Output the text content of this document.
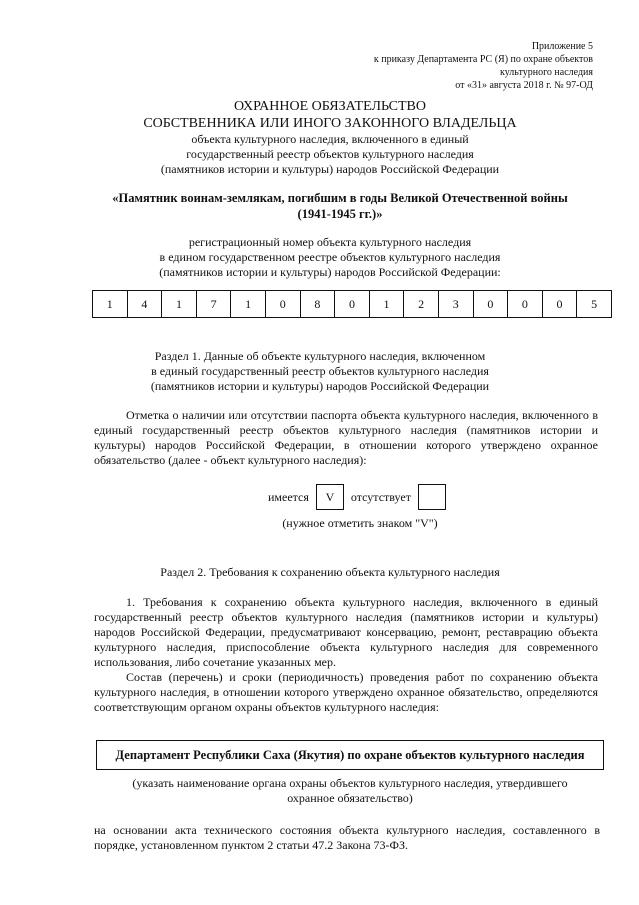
Приложение 5
к приказу Департамента РС (Я) по охране объектов
культурного наследия
от «31» августа 2018 г. № 97-ОД
ОХРАННОЕ ОБЯЗАТЕЛЬСТВО
СОБСТВЕННИКА ИЛИ ИНОГО ЗАКОННОГО ВЛАДЕЛЬЦА
объекта культурного наследия, включенного в единый
государственный реестр объектов культурного наследия
(памятников истории и культуры) народов Российской Федерации
«Памятник воинам-землякам, погибшим в годы Великой Отечественной войны
(1941-1945 гг.)»
регистрационный номер объекта культурного наследия
в едином государственном реестре объектов культурного наследия
(памятников истории и культуры) народов Российской Федерации:
1	4	1	7	1	0	8	0	1	2	3	0	0	0	5
Раздел 1. Данные об объекте культурного наследия, включенном
в единый государственный реестр объектов культурного наследия
(памятников истории и культуры) народов Российской Федерации
Отметка о наличии или отсутствии паспорта объекта культурного наследия, включенного в единый государственный реестр объектов культурного наследия (памятников истории и культуры) народов Российской Федерации, в отношении которого утверждено охранное обязательство (далее - объект культурного наследия):
имеется	V	отсутствует
(нужное отметить знаком "V")
Раздел 2. Требования к сохранению объекта культурного наследия
1. Требования к сохранению объекта культурного наследия, включенного в единый государственный реестр объектов культурного наследия (памятников истории и культуры) народов Российской Федерации, предусматривают консервацию, ремонт, реставрацию объекта культурного наследия, приспособление объекта культурного наследия для современного использования, либо сочетание указанных мер.
Состав (перечень) и сроки (периодичность) проведения работ по сохранению объекта культурного наследия, в отношении которого утверждено охранное обязательство, определяются соответствующим органом охраны объектов культурного наследия:
Департамент Республики Саха (Якутия) по охране объектов культурного наследия
(указать наименование органа охраны объектов культурного наследия, утвердившего
охранное обязательство)
на основании акта технического состояния объекта культурного наследия, составленного в порядке, установленном пунктом 2 статьи 47.2 Закона 73-ФЗ.
